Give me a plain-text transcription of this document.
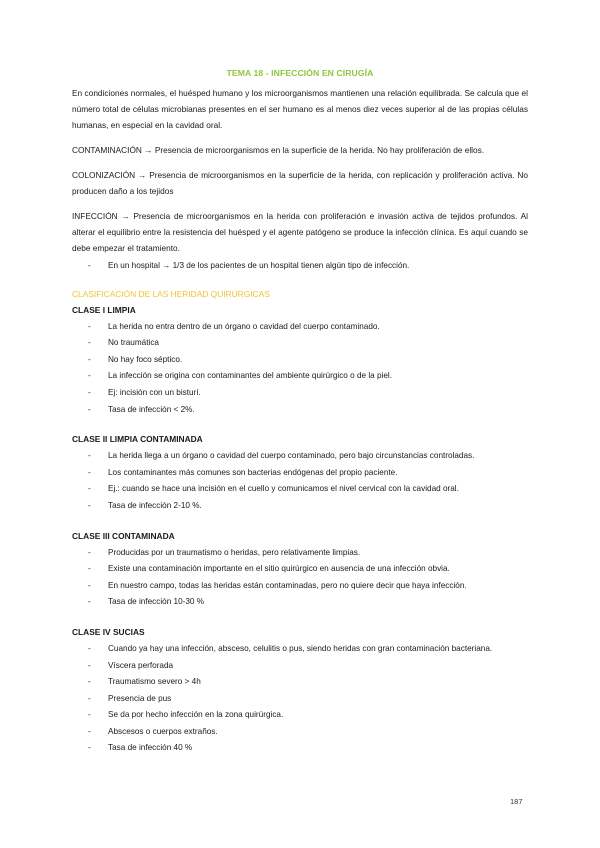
TEMA 18 - INFECCIÓN EN CIRUGÍA

En condiciones normales, el huésped humano y los microorganismos mantienen una relación equilibrada. Se calcula que el número total de células microbianas presentes en el ser humano es al menos diez veces superior al de las propias células humanas, en especial en la cavidad oral.

CONTAMINACIÓN → Presencia de microorganismos en la superficie de la herida. No hay proliferación de ellos.

COLONIZACIÓN → Presencia de microorganismos en la superficie de la herida, con replicación y proliferación activa. No producen daño a los tejidos

INFECCIÓN → Presencia de microorganismos en la herida con proliferación e invasión activa de tejidos profundos. Al alterar el equilibrio entre la resistencia del huésped y el agente patógeno se produce la infección clínica. Es aquí cuando se debe empezar el tratamiento.

- En un hospital → 1/3 de los pacientes de un hospital tienen algún tipo de infección.
CLASIFICACIÓN DE LAS HERIDAD QUIRÚRGICAS
CLASE I LIMPIA
- La herida no entra dentro de un órgano o cavidad del cuerpo contaminado.
- No traumática
- No hay foco séptico.
- La infección se origina con contaminantes del ambiente quirúrgico o de la piel.
- Ej: incisión con un bisturí.
- Tasa de infección < 2%.
CLASE II LIMPIA CONTAMINADA
- La herida llega a un órgano o cavidad del cuerpo contaminado, pero bajo circunstancias controladas.
- Los contaminantes más comunes son bacterias endógenas del propio paciente.
- Ej.: cuando se hace una incisión en el cuello y comunicamos el nivel cervical con la cavidad oral.
- Tasa de infección 2-10 %.
CLASE III CONTAMINADA
- Producidas por un traumatismo o heridas, pero relativamente limpias.
- Existe una contaminación importante en el sitio quirúrgico en ausencia de una infección obvia.
- En nuestro campo, todas las heridas están contaminadas, pero no quiere decir que haya infección.
- Tasa de infección 10-30 %
CLASE IV SUCIAS
- Cuando ya hay una infección, absceso, celulitis o pus, siendo heridas con gran contaminación bacteriana.
- Víscera perforada
- Traumatismo severo > 4h
- Presencia de pus
- Se da por hecho infección en la zona quirúrgica.
- Abscesos o cuerpos extraños.
- Tasa de infección 40 %
187
